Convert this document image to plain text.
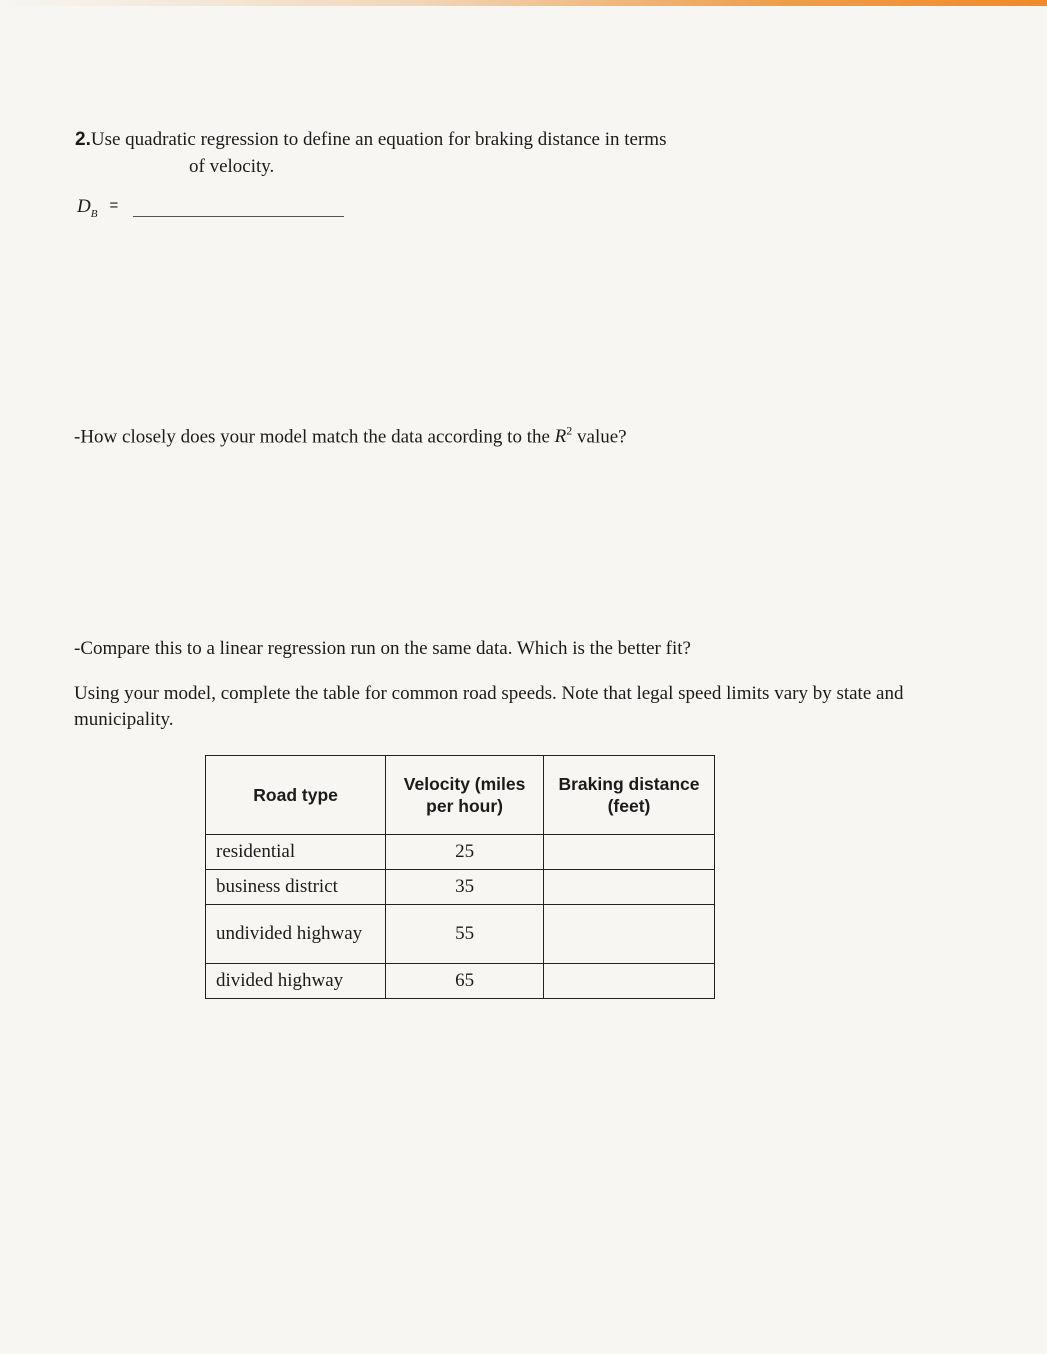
2.Use quadratic regression to define an equation for braking distance in terms
of velocity.
$D_B$ =
-How closely does your model match the data according to the $R^2$ value?
-Compare this to a linear regression run on the same data. Which is the better fit?
Using your model, complete the table for common road speeds. Note that legal speed limits vary by state and municipality.
Road type	Velocity (miles per hour)	Braking distance (feet)
residential	25	
business district	35	
undivided highway	55	
divided highway	65	
